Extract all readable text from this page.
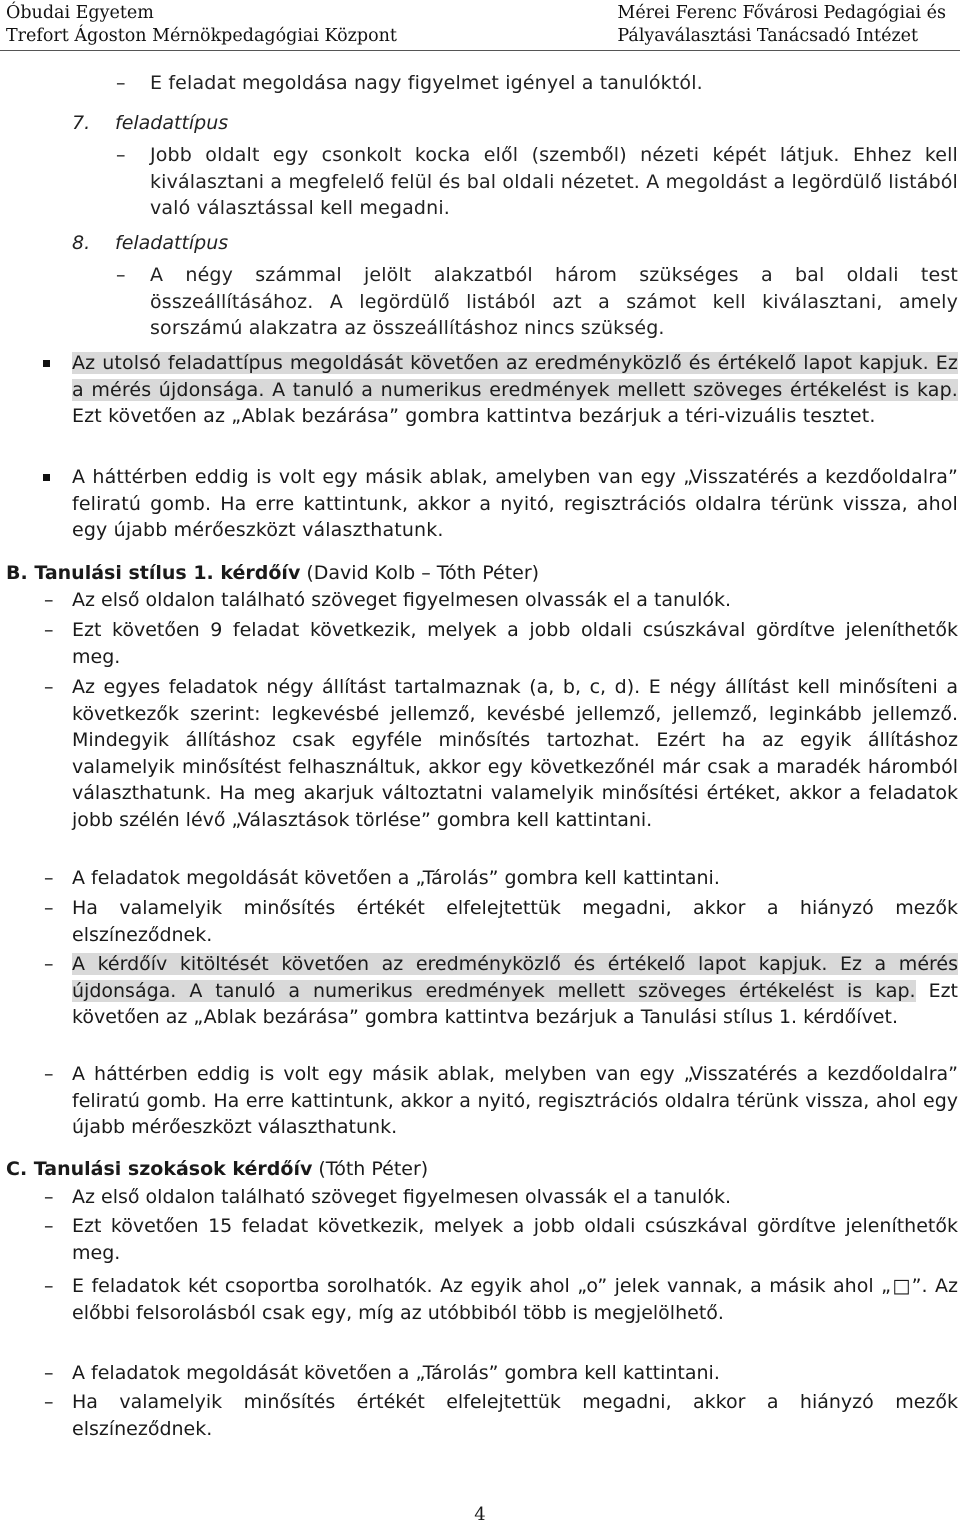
Óbudai Egyetem
Trefort Ágoston Mérnökpedagógiai Központ
Mérei Ferenc Fővárosi Pedagógiai és
Pályaválasztási Tanácsadó Intézet
– E feladat megoldása nagy figyelmet igényel a tanulóktól.
7. feladattípus
– Jobb oldalt egy csonkolt kocka elől (szemből) nézeti képét látjuk. Ehhez kell kiválasztani a megfelelő felül és bal oldali nézetet. A megoldást a legördülő listából való választással kell megadni.
8. feladattípus
– A négy számmal jelölt alakzatból három szükséges a bal oldali test összeállításához. A legördülő listából azt a számot kell kiválasztani, amely sorszámú alakzatra az összeállításhoz nincs szükség.
Az utolsó feladattípus megoldását követően az eredményközlő és értékelő lapot kapjuk. Ez a mérés újdonsága. A tanuló a numerikus eredmények mellett szöveges értékelést is kap. Ezt követően az „Ablak bezárása” gombra kattintva bezárjuk a téri-vizuális tesztet.
A háttérben eddig is volt egy másik ablak, amelyben van egy „Visszatérés a kezdőoldalra” feliratú gomb. Ha erre kattintunk, akkor a nyitó, regisztrációs oldalra térünk vissza, ahol egy újabb mérőeszközt választhatunk.
B. Tanulási stílus 1. kérdőív (David Kolb – Tóth Péter)
– Az első oldalon található szöveget figyelmesen olvassák el a tanulók.
– Ezt követően 9 feladat következik, melyek a jobb oldali csúszkával gördítve jeleníthetők meg.
– Az egyes feladatok négy állítást tartalmaznak (a, b, c, d). E négy állítást kell minősíteni a következők szerint: legkevésbé jellemző, kevésbé jellemző, jellemző, leginkább jellemző. Mindegyik állításhoz csak egyféle minősítés tartozhat. Ezért ha az egyik állításhoz valamelyik minősítést felhasználtuk, akkor egy következőnél már csak a maradék háromból választhatunk. Ha meg akarjuk változtatni valamelyik minősítési értéket, akkor a feladatok jobb szélén lévő „Választások törlése” gombra kell kattintani.
– A feladatok megoldását követően a „Tárolás” gombra kell kattintani.
– Ha valamelyik minősítés értékét elfelejtettük megadni, akkor a hiányzó mezők elszíneződnek.
– A kérdőív kitöltését követően az eredményközlő és értékelő lapot kapjuk. Ez a mérés újdonsága. A tanuló a numerikus eredmények mellett szöveges értékelést is kap. Ezt követően az „Ablak bezárása” gombra kattintva bezárjuk a Tanulási stílus 1. kérdőívet.
– A háttérben eddig is volt egy másik ablak, melyben van egy „Visszatérés a kezdőoldalra” feliratú gomb. Ha erre kattintunk, akkor a nyitó, regisztrációs oldalra térünk vissza, ahol egy újabb mérőeszközt választhatunk.
C. Tanulási szokások kérdőív (Tóth Péter)
– Az első oldalon található szöveget figyelmesen olvassák el a tanulók.
– Ezt követően 15 feladat következik, melyek a jobb oldali csúszkával gördítve jeleníthetők meg.
– E feladatok két csoportba sorolhatók. Az egyik ahol „o” jelek vannak, a másik ahol „□”. Az előbbi felsorolásból csak egy, míg az utóbbiból több is megjelölhető.
– A feladatok megoldását követően a „Tárolás” gombra kell kattintani.
– Ha valamelyik minősítés értékét elfelejtettük megadni, akkor a hiányzó mezők elszíneződnek.
4
